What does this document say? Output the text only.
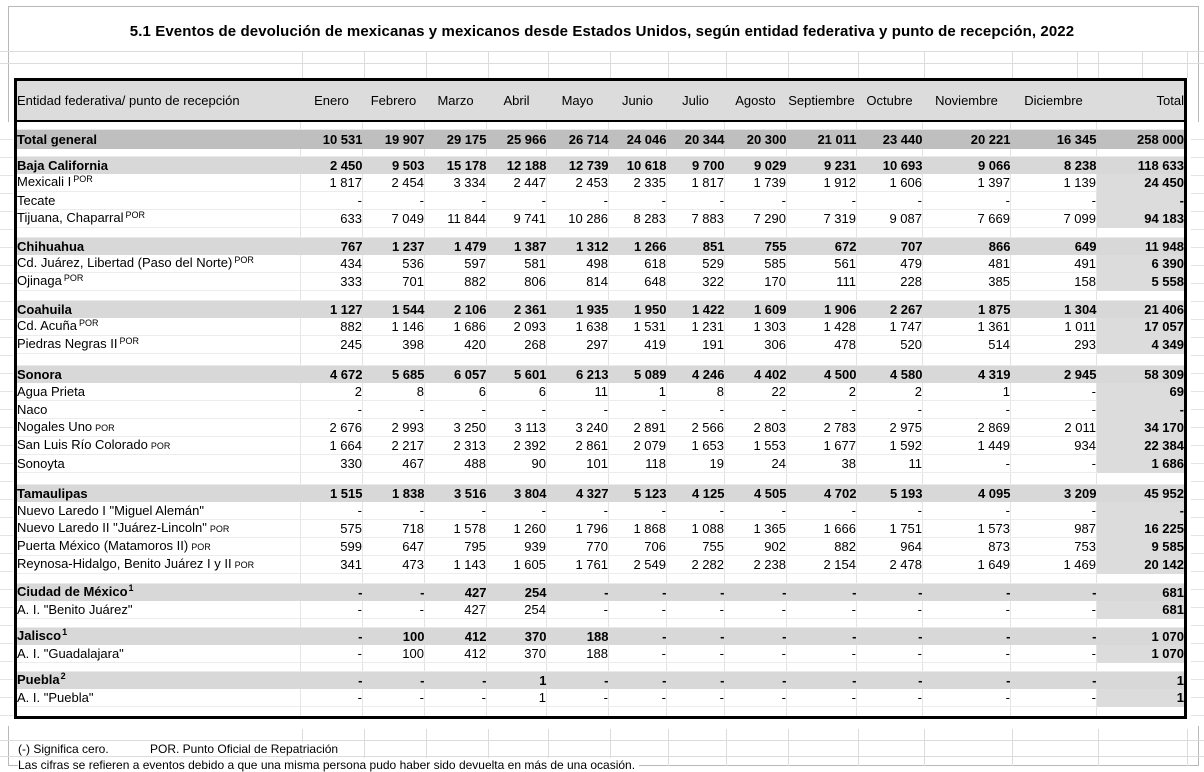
5.1 Eventos de devolución de mexicanas y mexicanos desde Estados Unidos, según entidad federativa y punto de recepción, 2022
Entidad federativa/ punto de recepción	Enero	Febrero	Marzo	Abril	Mayo	Junio	Julio	Agosto	Septiembre	Octubre	Noviembre	Diciembre	Total

Total general	10 531	19 907	29 175	25 966	26 714	24 046	20 344	20 300	21 011	23 440	20 221	16 345	258 000

Baja California	2 450	9 503	15 178	12 188	12 739	10 618	9 700	9 029	9 231	10 693	9 066	8 238	118 633
Mexicali I $^{POR}$	1 817	2 454	3 334	2 447	2 453	2 335	1 817	1 739	1 912	1 606	1 397	1 139	24 450
Tecate	-	-	-	-	-	-	-	-	-	-	-	-	-
Tijuana, Chaparral $^{POR}$	633	7 049	11 844	9 741	10 286	8 283	7 883	7 290	7 319	9 087	7 669	7 099	94 183

Chihuahua	767	1 237	1 479	1 387	1 312	1 266	851	755	672	707	866	649	11 948
Cd. Juárez, Libertad (Paso del Norte) $^{POR}$	434	536	597	581	498	618	529	585	561	479	481	491	6 390
Ojinaga $^{POR}$	333	701	882	806	814	648	322	170	111	228	385	158	5 558

Coahuila	1 127	1 544	2 106	2 361	1 935	1 950	1 422	1 609	1 906	2 267	1 875	1 304	21 406
Cd. Acuña $^{POR}$	882	1 146	1 686	2 093	1 638	1 531	1 231	1 303	1 428	1 747	1 361	1 011	17 057
Piedras Negras II $^{POR}$	245	398	420	268	297	419	191	306	478	520	514	293	4 349

Sonora	4 672	5 685	6 057	5 601	6 213	5 089	4 246	4 402	4 500	4 580	4 319	2 945	58 309
Agua Prieta	2	8	6	6	11	1	8	22	2	2	1	-	69
Naco	-	-	-	-	-	-	-	-	-	-	-	-	-
Nogales Uno POR	2 676	2 993	3 250	3 113	3 240	2 891	2 566	2 803	2 783	2 975	2 869	2 011	34 170
San Luis Río Colorado POR	1 664	2 217	2 313	2 392	2 861	2 079	1 653	1 553	1 677	1 592	1 449	934	22 384
Sonoyta	330	467	488	90	101	118	19	24	38	11	-	-	1 686

Tamaulipas	1 515	1 838	3 516	3 804	4 327	5 123	4 125	4 505	4 702	5 193	4 095	3 209	45 952
Nuevo Laredo I "Miguel Alemán"	-	-	-	-	-	-	-	-	-	-	-	-	-
Nuevo Laredo II "Juárez-Lincoln" POR	575	718	1 578	1 260	1 796	1 868	1 088	1 365	1 666	1 751	1 573	987	16 225
Puerta México (Matamoros II) POR	599	647	795	939	770	706	755	902	882	964	873	753	9 585
Reynosa-Hidalgo, Benito Juárez I y II POR	341	473	1 143	1 605	1 761	2 549	2 282	2 238	2 154	2 478	1 649	1 469	20 142

Ciudad de México$^1$	-	-	427	254	-	-	-	-	-	-	-	-	681
A. I. "Benito Juárez"	-	-	427	254	-	-	-	-	-	-	-	-	681

Jalisco$^1$	-	100	412	370	188	-	-	-	-	-	-	-	1 070
A. I. "Guadalajara"	-	100	412	370	188	-	-	-	-	-	-	-	1 070

Puebla$^2$	-	-	-	1	-	-	-	-	-	-	-	-	1
A. I. "Puebla"	-	-	-	1	-	-	-	-	-	-	-	-	1

(-) Significa cero.	POR. Punto Oficial de Repatriación
Las cifras se refieren a eventos debido a que una misma persona pudo haber sido devuelta en más de una ocasión.
